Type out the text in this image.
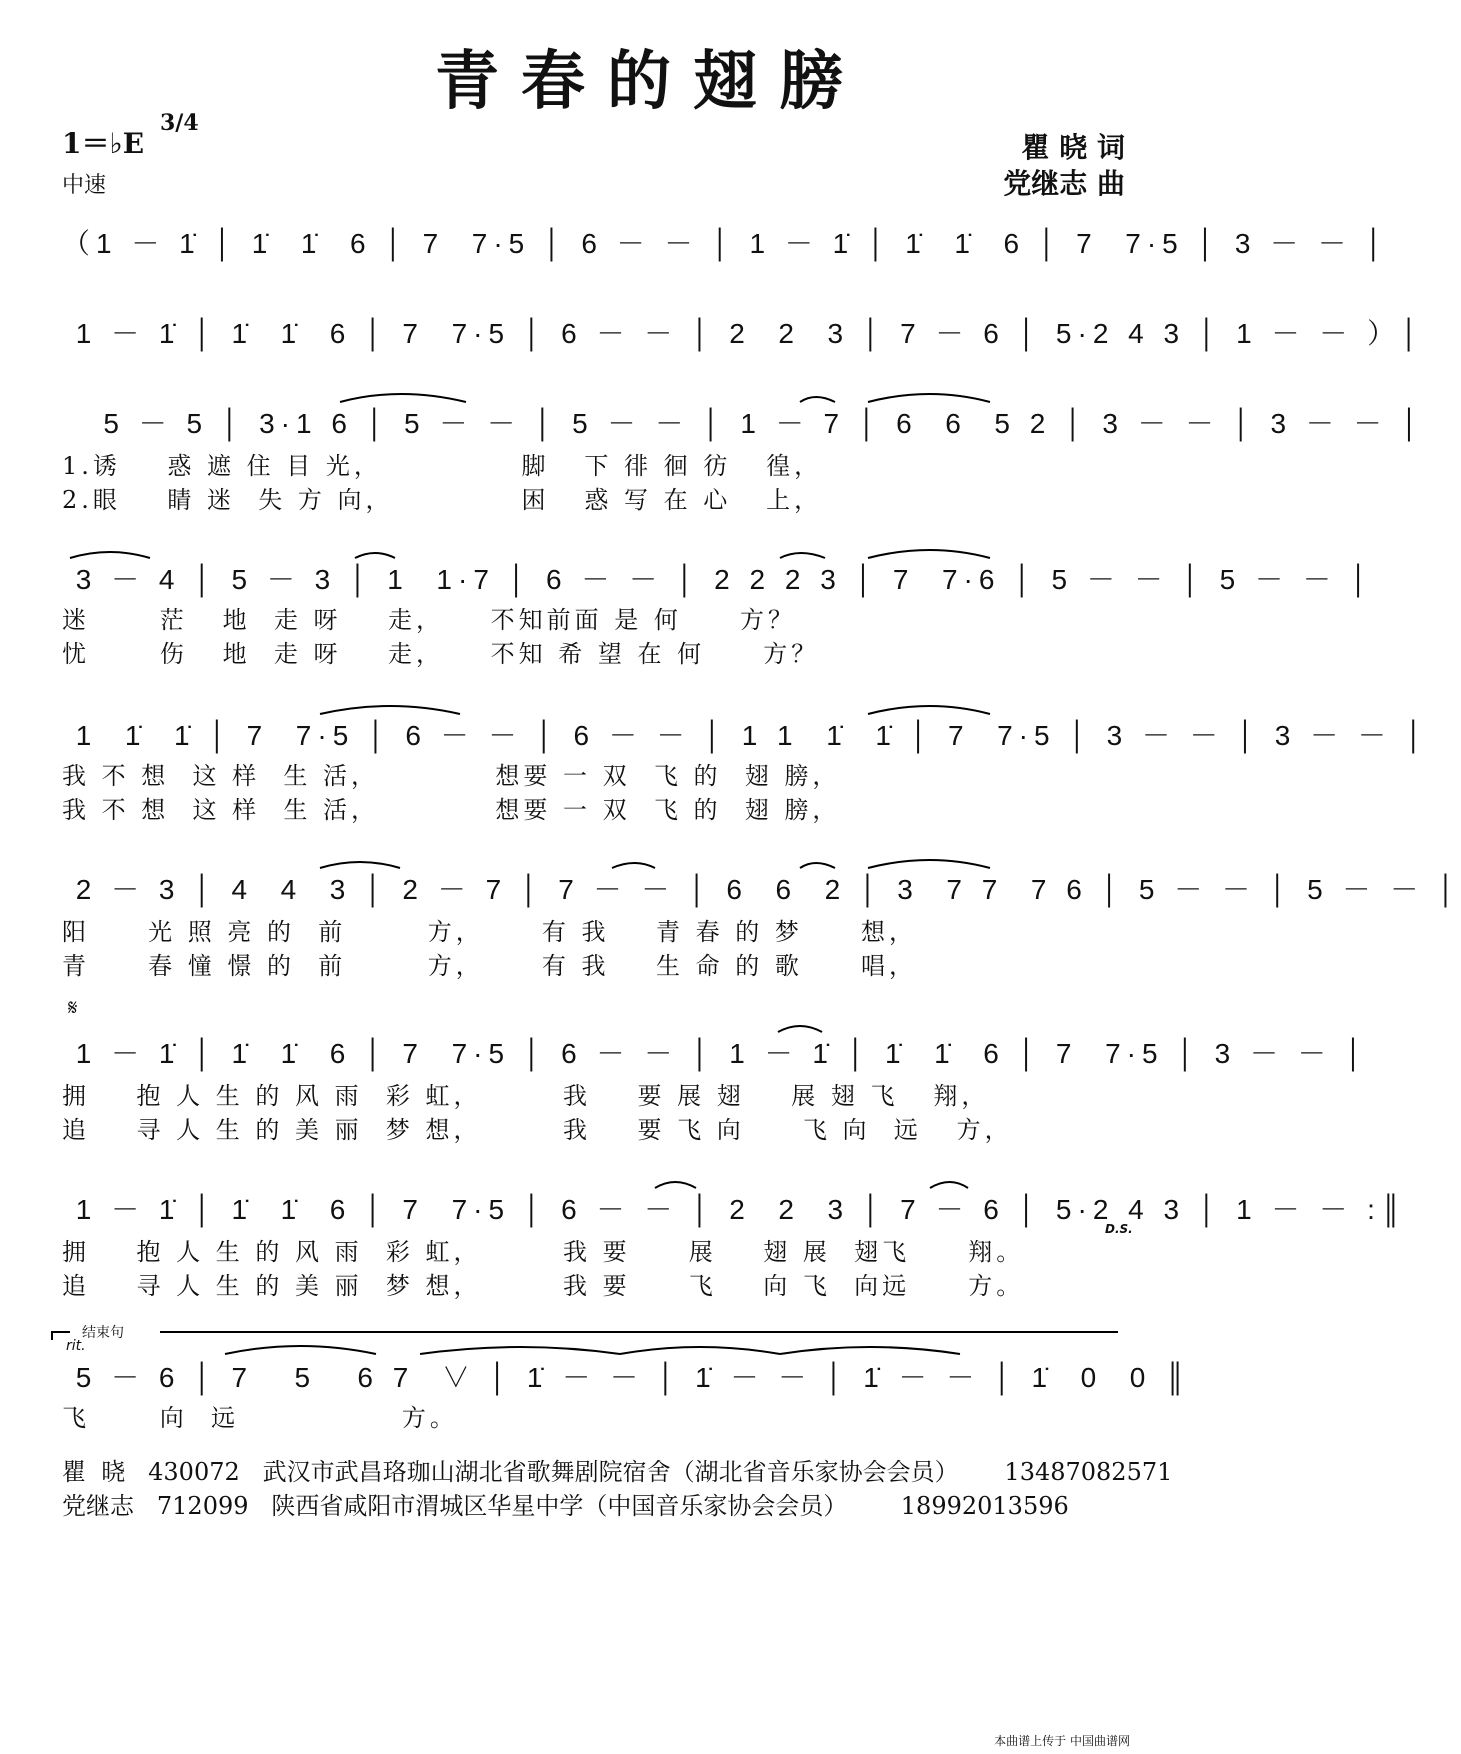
青春的翅膀
1＝♭E
3/4
中速
瞿 晓 词
党继志 曲
（1 － 1̇ │ 1̇  1̇  6 │ 7  7·5 │ 6 － － │ 1 － 1̇ │ 1̇  1̇  6 │ 7  7·5 │ 3 － － │
1 － 1̇ │ 1̇  1̇  6 │ 7  7·5 │ 6 － － │ 2  2  3 │ 7 － 6 │ 5·2 4 3 │ 1 － － ）│
5 － 5 │ 3·1 6 │ 5 － － │ 5 － － │ 1 － 7 │ 6  6  5 2 │ 3 － － │ 3 － － │
1.诱    惑 遮 住 目 光，            脚   下 徘 徊 彷   徨，
2.眼    睛 迷  失 方 向，           困   惑 写 在 心   上，
3 － 4 │ 5 － 3 │ 1  1·7 │ 6 － － │ 2 2 2 3 │ 7  7·6 │ 5 － － │ 5 － － │
迷      茫   地  走 呀    走，    不知前面 是 何     方？
忧      伤   地  走 呀    走，    不知 希 望 在 何     方？
1  1̇  1̇ │ 7  7·5 │ 6 － － │ 6 － － │ 1 1  1̇  1̇ │ 7  7·5 │ 3 － － │ 3 － － │
我 不 想  这 样  生 活，          想要 一 双  飞 的  翅 膀，
我 不 想  这 样  生 活，          想要 一 双  飞 的  翅 膀，
2 － 3 │ 4  4  3 │ 2 － 7 │ 7 － － │ 6  6  2 │ 3  7 7  7 6 │ 5 － － │ 5 － － │
阳     光 照 亮 的  前       方，     有 我    青 春 的 梦     想，
青     春 憧 憬 的  前       方，     有 我    生 命 的 歌     唱，
𝄋
1 － 1̇ │ 1̇  1̇  6 │ 7  7·5 │ 6 － － │ 1 － 1̇ │ 1̇  1̇  6 │ 7  7·5 │ 3 － － │
拥    抱 人 生 的 风 雨  彩 虹，       我    要 展 翅    展 翅 飞   翔，
追    寻 人 生 的 美 丽  梦 想，       我    要 飞 向     飞 向  远   方，
1 － 1̇ │ 1̇  1̇  6 │ 7  7·5 │ 6 － － │ 2  2  3 │ 7 － 6 │ 5·2 4 3 │ 1 － － :║
D.S.
拥    抱 人 生 的 风 雨  彩 虹，       我 要     展    翅 展  翅飞     翔。
追    寻 人 生 的 美 丽  梦 想，       我 要     飞    向 飞  向远     方。
结束句
rit.
5 － 6 │ 7   5   6 7  ∨ │ 1̇ － － │ 1̇ － － │ 1̇ － － │ 1̇  0  0 ║
飞      向  远              方。
瞿  晓   430072   武汉市武昌珞珈山湖北省歌舞剧院宿舍（湖北省音乐家协会会员）      13487082571
党继志   712099   陕西省咸阳市渭城区华星中学（中国音乐家协会会员）       18992013596
本曲谱上传于 中国曲谱网
